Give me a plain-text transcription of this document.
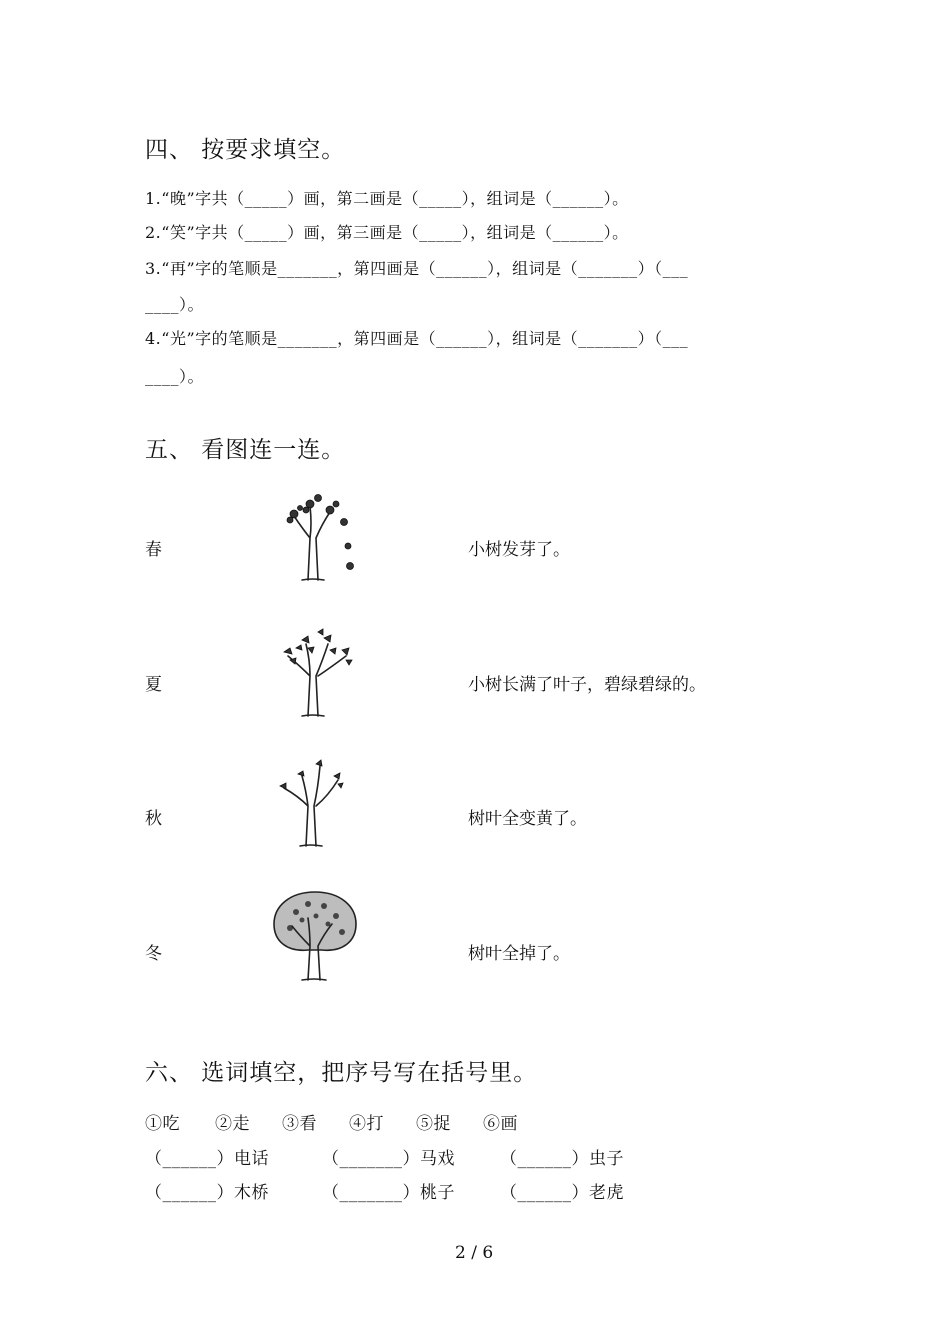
四、 按要求填空。
1.“晚”字共（_____）画，第二画是（_____），组词是（______）。
2.“笑”字共（_____）画，第三画是（_____），组词是（______）。
3.“再”字的笔顺是_______，第四画是（______），组词是（_______）（___
____）。
4.“光”字的笔顺是_______，第四画是（______），组词是（_______）（___
____）。
五、 看图连一连。
春	小树发芽了。
夏	小树长满了叶子，碧绿碧绿的。
秋	树叶全变黄了。
冬	树叶全掉了。
六、 选词填空，把序号写在括号里。
①吃 ②走 ③看 ④打 ⑤捉 ⑥画
（______）电话	（_______）马戏	（______）虫子
（______）木桥	（_______）桃子	（______）老虎
2 / 6
